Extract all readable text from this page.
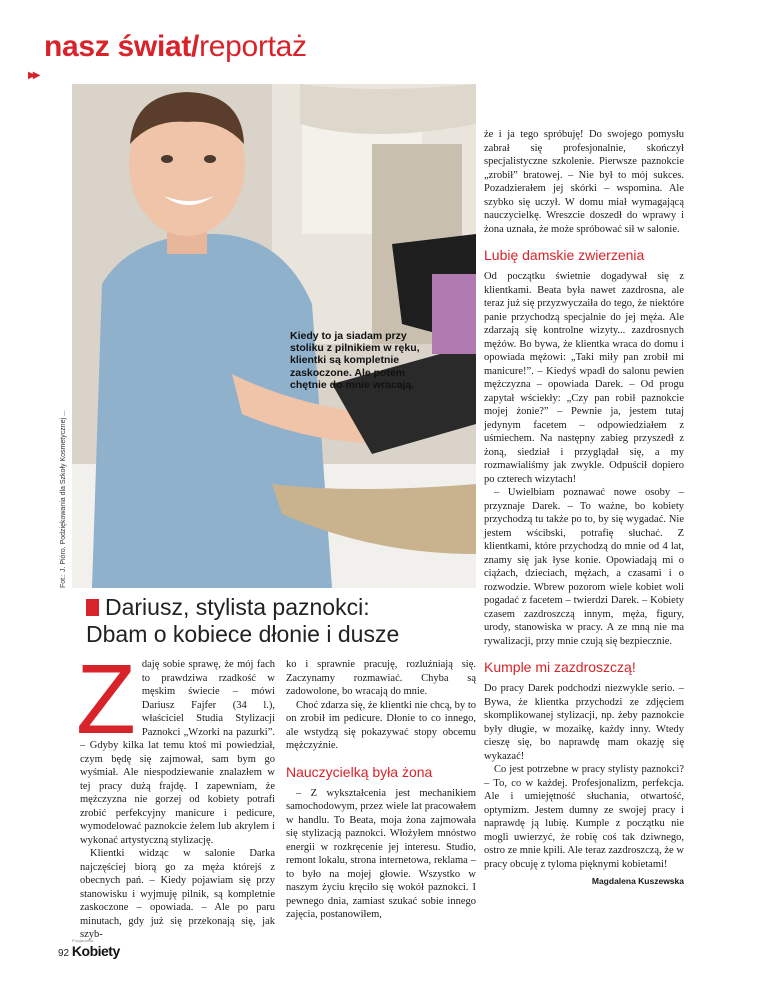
nasz świat/reportaż
▶▶
Fot.: J. Pióro. Podziękowania dla Szkoły Kosmetycznej ...
Kiedy to ja siadam przy stoliku z pilnikiem w ręku, klientki są kompletnie zaskoczone. Ale potem chętnie do mnie wracają.
Dariusz, stylista paznokci:
Dbam o kobiece dłonie i dusze
Z daję sobie sprawę, że mój fach to prawdziwa rzadkość w męskim świecie – mówi Dariusz Fajfer (34 l.), właściciel Studia Stylizacji Paznokci „Wzorki na pazurki”. – Gdyby kilka lat temu ktoś mi powiedział, czym będę się zajmował, sam bym go wyśmiał. Ale niespodziewanie znalazłem w tej pracy dużą frajdę. I zapewniam, że mężczyzna nie gorzej od kobiety potrafi zrobić perfekcyjny manicure i pedicure, wymodelować paznokcie żelem lub akrylem i wykonać artystyczną stylizację.

Klientki widząc w salonie Darka najczęściej biorą go za męża którejś z obecnych pań. – Kiedy pojawiam się przy stanowisku i wyjmuję pilnik, są kompletnie zaskoczone – opowiada. – Ale po paru minutach, gdy już się przekonają się, jak szyb-

ko i sprawnie pracuję, rozluźniają się. Zaczynamy rozmawiać. Chyba są zadowolone, bo wracają do mnie.

Choć zdarza się, że klientki nie chcą, by to on zrobił im pedicure. Dłonie to co innego, ale wstydzą się pokazywać stopy obcemu mężczyźnie.

Nauczycielką była żona

– Z wykształcenia jest mechanikiem samochodowym, przez wiele lat pracowałem w handlu. To Beata, moja żona zajmowała się stylizacją paznokci. Włożyłem mnóstwo energii w rozkręcenie jej interesu. Studio, remont lokalu, strona internetowa, reklama – to było na mojej głowie. Wszystko w naszym życiu kręciło się wokół paznokci. I pewnego dnia, zamiast szukać sobie innego zajęcia, postanowiłem,

że i ja tego spróbuję! Do swojego pomysłu zabrał się profesjonalnie, skończył specjalistyczne szkolenie. Pierwsze paznokcie „zrobił” bratowej. – Nie był to mój sukces. Pozadzierałem jej skórki – wspomina. Ale szybko się uczył. W domu miał wymagającą nauczycielkę. Wreszcie doszedł do wprawy i żona uznała, że może spróbować sił w salonie.

Lubię damskie zwierzenia

Od początku świetnie dogadywał się z klientkami. Beata była nawet zazdrosna, ale teraz już się przyzwyczaiła do tego, że niektóre panie przychodzą specjalnie do jej męża. Ale zdarzają się kontrolne wizyty... zazdrosnych mężów. Bo bywa, że klientka wraca do domu i opowiada mężowi: „Taki miły pan zrobił mi manicure!”. – Kiedyś wpadł do salonu pewien mężczyzna – opowiada Darek. – Od progu zapytał wściekły: „Czy pan robił paznokcie mojej żonie?” – Pewnie ja, jestem tutaj jedynym facetem – odpowiedziałem z uśmiechem. Na następny zabieg przyszedł z żoną, siedział i przyglądał się, a my rozmawialiśmy jak zwykle. Odpuścił dopiero po czterech wizytach!

– Uwielbiam poznawać nowe osoby – przyznaje Darek. – To ważne, bo kobiety przychodzą tu także po to, by się wygadać. Nie jestem wścibski, potrafię słuchać. Z klientkami, które przychodzą do mnie od 4 lat, znamy się jak łyse konie. Opowiadają mi o ciążach, dzieciach, mężach, a czasami i o rozwodzie. Wbrew pozorom wiele kobiet woli pogadać z facetem – twierdzi Darek. – Kobiety czasem zazdroszczą innym, męża, figury, urody, stanowiska w pracy. A ze mną nie ma rywalizacji, przy mnie czują się bezpiecznie.

Kumple mi zazdroszczą!

Do pracy Darek podchodzi niezwykle serio. – Bywa, że klientka przychodzi ze zdjęciem skomplikowanej stylizacji, np. żeby paznokcie były długie, w mozaikę, każdy inny. Wtedy cieszę się, bo naprawdę mam okazję się wykazać!

Co jest potrzebne w pracy stylisty paznokci? – To, co w każdej. Profesjonalizm, perfekcja. Ale i umiejętność słuchania, otwartość, optymizm. Jestem dumny ze swojej pracy i naprawdę ją lubię. Kumple z początku nie mogli uwierzyć, że robię coś tak dziwnego, ostro ze mnie kpili. Ale teraz zazdroszczą, że w pracy obcuję z tyloma pięknymi kobietami!

Magdalena Kuszewska
92 Przyjaciółka Kobiety
